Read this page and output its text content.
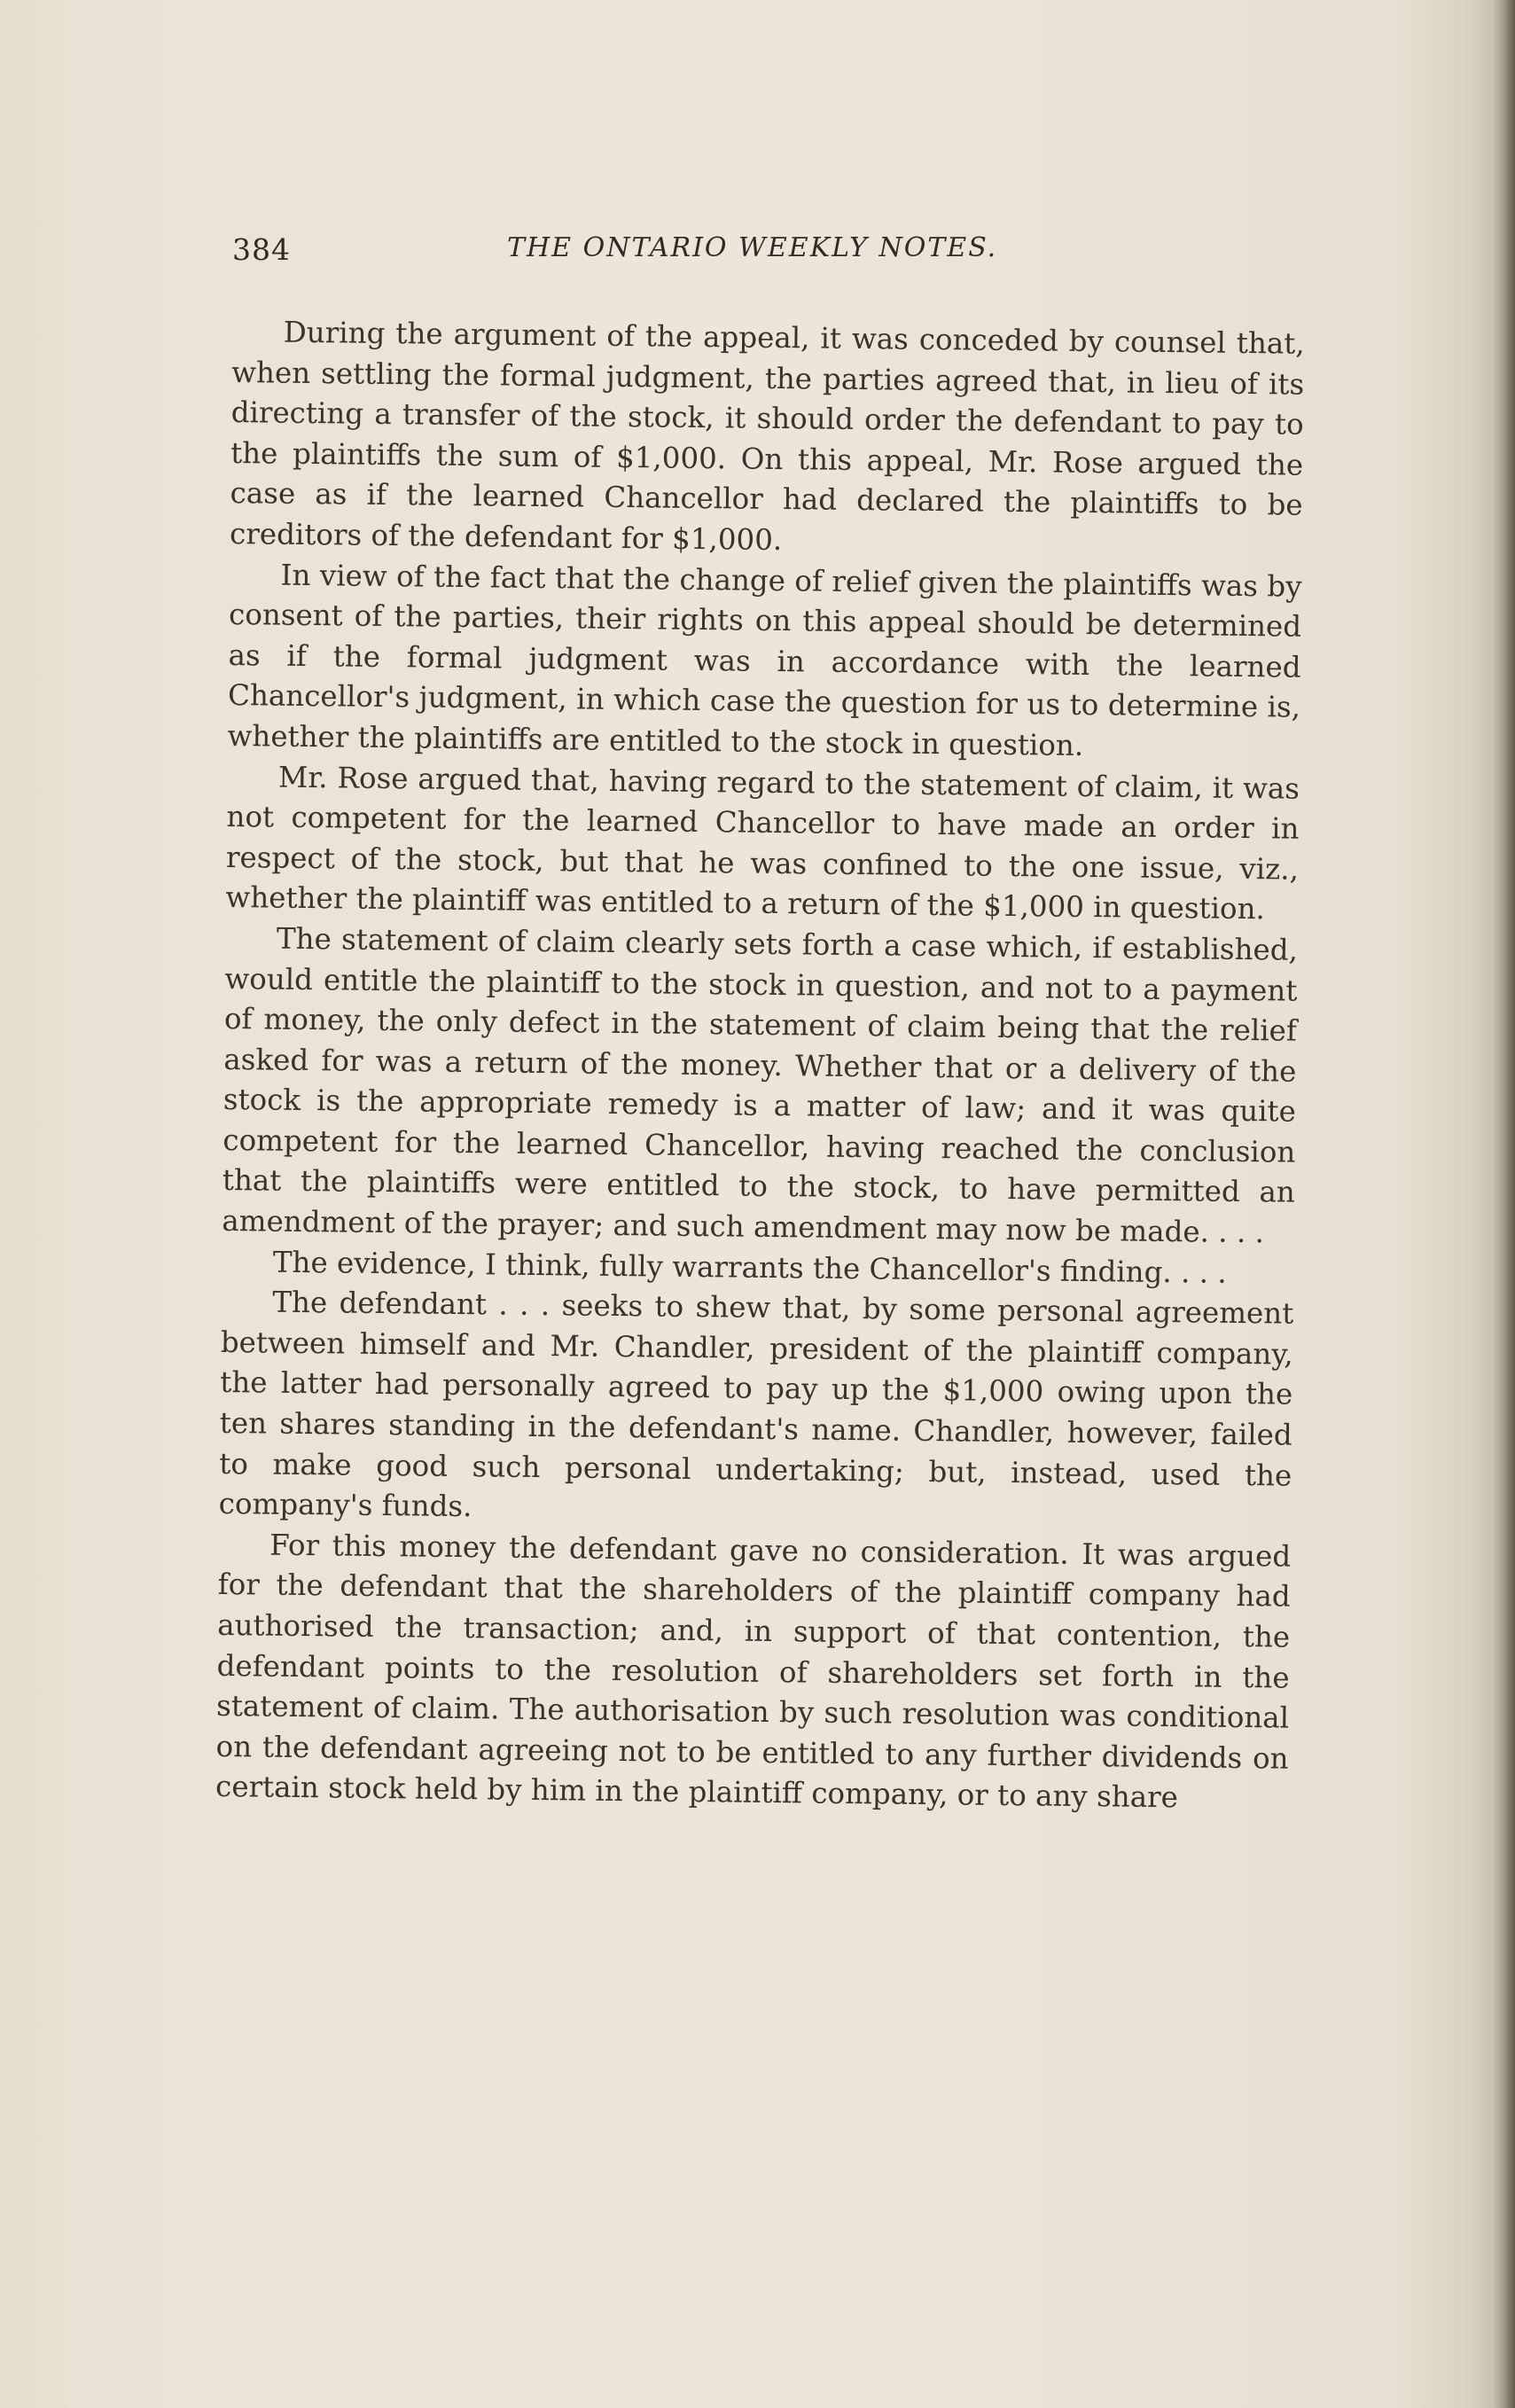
384	THE ONTARIO WEEKLY NOTES.

During the argument of the appeal, it was conceded by counsel that, when settling the formal judgment, the parties agreed that, in lieu of its directing a transfer of the stock, it should order the defendant to pay to the plaintiffs the sum of $1,000. On this appeal, Mr. Rose argued the case as if the learned Chancellor had declared the plaintiffs to be creditors of the defendant for $1,000.

In view of the fact that the change of relief given the plaintiffs was by consent of the parties, their rights on this appeal should be determined as if the formal judgment was in accordance with the learned Chancellor's judgment, in which case the question for us to determine is, whether the plaintiffs are entitled to the stock in question.

Mr. Rose argued that, having regard to the statement of claim, it was not competent for the learned Chancellor to have made an order in respect of the stock, but that he was confined to the one issue, viz., whether the plaintiff was entitled to a return of the $1,000 in question.

The statement of claim clearly sets forth a case which, if established, would entitle the plaintiff to the stock in question, and not to a payment of money, the only defect in the statement of claim being that the relief asked for was a return of the money. Whether that or a delivery of the stock is the appropriate remedy is a matter of law; and it was quite competent for the learned Chancellor, having reached the conclusion that the plaintiffs were entitled to the stock, to have permitted an amendment of the prayer; and such amendment may now be made. . . .

The evidence, I think, fully warrants the Chancellor's finding. . . .

The defendant . . . seeks to shew that, by some personal agreement between himself and Mr. Chandler, president of the plaintiff company, the latter had personally agreed to pay up the $1,000 owing upon the ten shares standing in the defendant's name. Chandler, however, failed to make good such personal undertaking; but, instead, used the company's funds.

For this money the defendant gave no consideration. It was argued for the defendant that the shareholders of the plaintiff company had authorised the transaction; and, in support of that contention, the defendant points to the resolution of shareholders set forth in the statement of claim. The authorisation by such resolution was conditional on the defendant agreeing not to be entitled to any further dividends on certain stock held by him in the plaintiff company, or to any share
